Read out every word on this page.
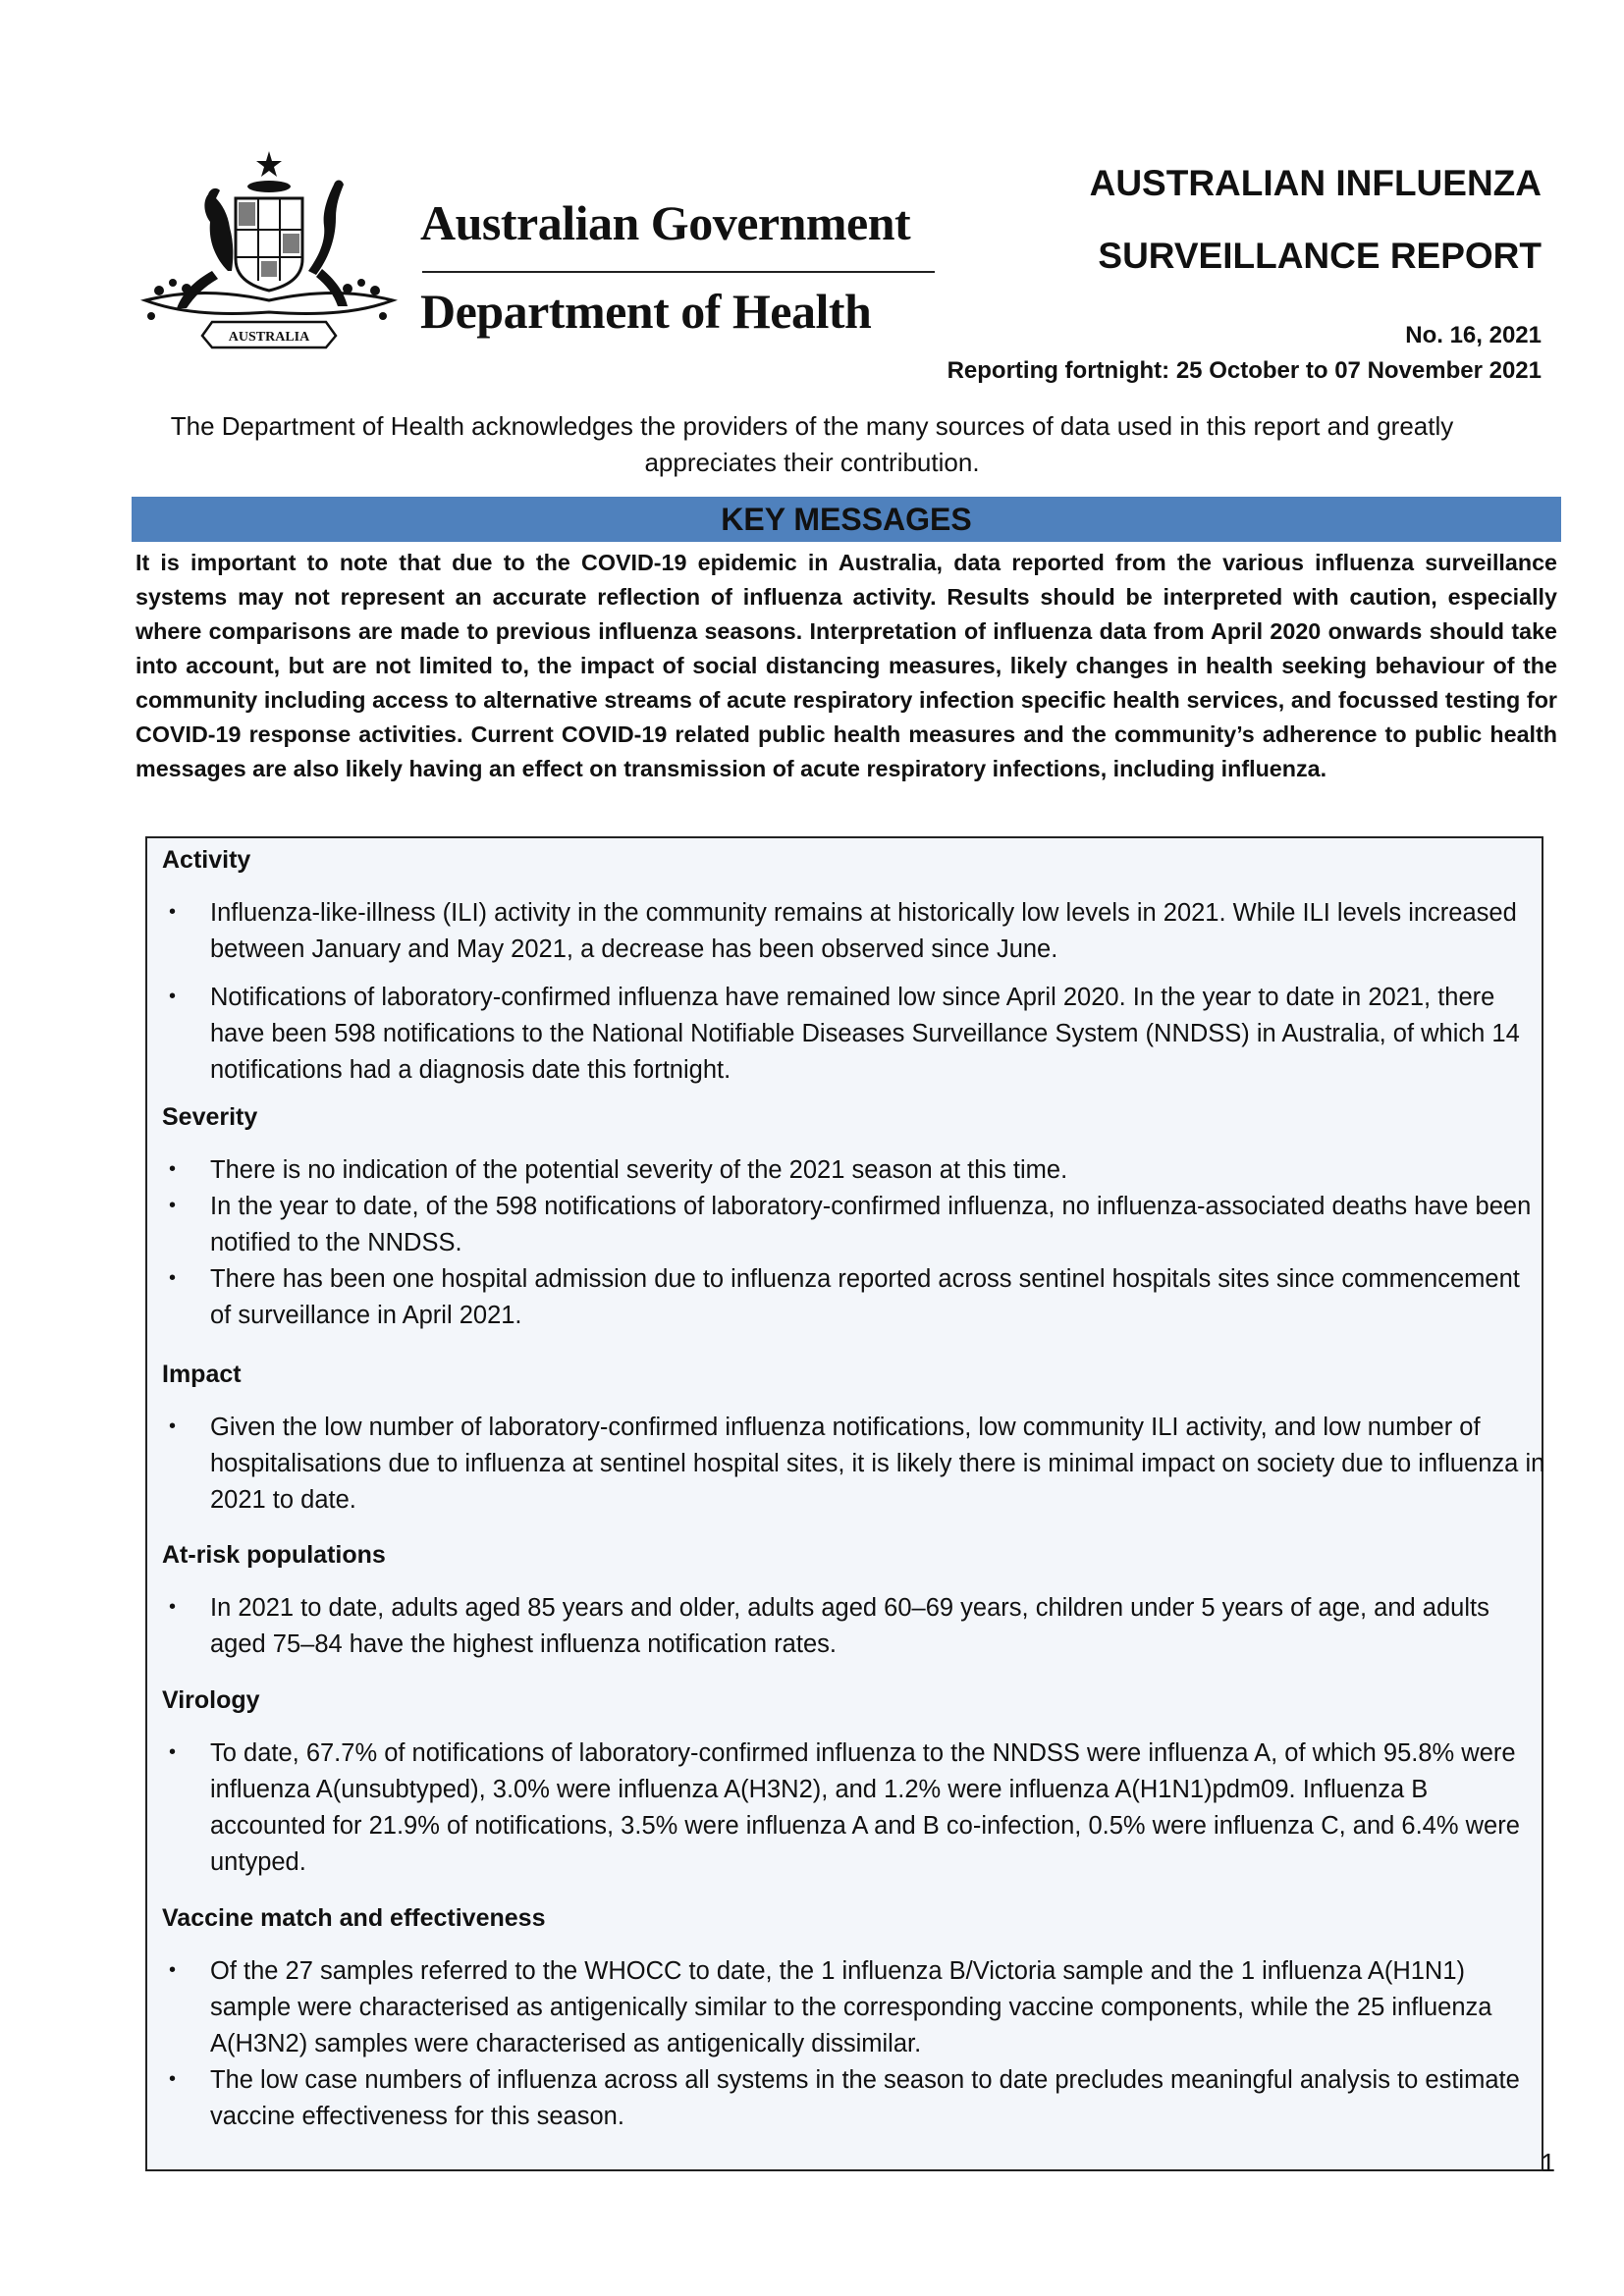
AUSTRALIA
Australian Government
Department of Health
AUSTRALIAN INFLUENZA
SURVEILLANCE REPORT
No. 16, 2021
Reporting fortnight: 25 October to 07 November 2021
The Department of Health acknowledges the providers of the many sources of data used in this report and greatly appreciates their contribution.
KEY MESSAGES
It is important to note that due to the COVID-19 epidemic in Australia, data reported from the various influenza surveillance systems may not represent an accurate reflection of influenza activity. Results should be interpreted with caution, especially where comparisons are made to previous influenza seasons. Interpretation of influenza data from April 2020 onwards should take into account, but are not limited to, the impact of social distancing measures, likely changes in health seeking behaviour of the community including access to alternative streams of acute respiratory infection specific health services, and focussed testing for COVID-19 response activities. Current COVID-19 related public health measures and the community’s adherence to public health messages are also likely having an effect on transmission of acute respiratory infections, including influenza.
Activity
• Influenza-like-illness (ILI) activity in the community remains at historically low levels in 2021. While ILI levels increased between January and May 2021, a decrease has been observed since June.
• Notifications of laboratory-confirmed influenza have remained low since April 2020. In the year to date in 2021, there have been 598 notifications to the National Notifiable Diseases Surveillance System (NNDSS) in Australia, of which 14 notifications had a diagnosis date this fortnight.
Severity
• There is no indication of the potential severity of the 2021 season at this time.
• In the year to date, of the 598 notifications of laboratory-confirmed influenza, no influenza-associated deaths have been notified to the NNDSS.
• There has been one hospital admission due to influenza reported across sentinel hospitals sites since commencement of surveillance in April 2021.
Impact
• Given the low number of laboratory-confirmed influenza notifications, low community ILI activity, and low number of hospitalisations due to influenza at sentinel hospital sites, it is likely there is minimal impact on society due to influenza in 2021 to date.
At-risk populations
• In 2021 to date, adults aged 85 years and older, adults aged 60–69 years, children under 5 years of age, and adults aged 75–84 have the highest influenza notification rates.
Virology
• To date, 67.7% of notifications of laboratory-confirmed influenza to the NNDSS were influenza A, of which 95.8% were influenza A(unsubtyped), 3.0% were influenza A(H3N2), and 1.2% were influenza A(H1N1)pdm09. Influenza B accounted for 21.9% of notifications, 3.5% were influenza A and B co-infection, 0.5% were influenza C, and 6.4% were untyped.
Vaccine match and effectiveness
• Of the 27 samples referred to the WHOCC to date, the 1 influenza B/Victoria sample and the 1 influenza A(H1N1) sample were characterised as antigenically similar to the corresponding vaccine components, while the 25 influenza A(H3N2) samples were characterised as antigenically dissimilar.
• The low case numbers of influenza across all systems in the season to date precludes meaningful analysis to estimate vaccine effectiveness for this season.
1
